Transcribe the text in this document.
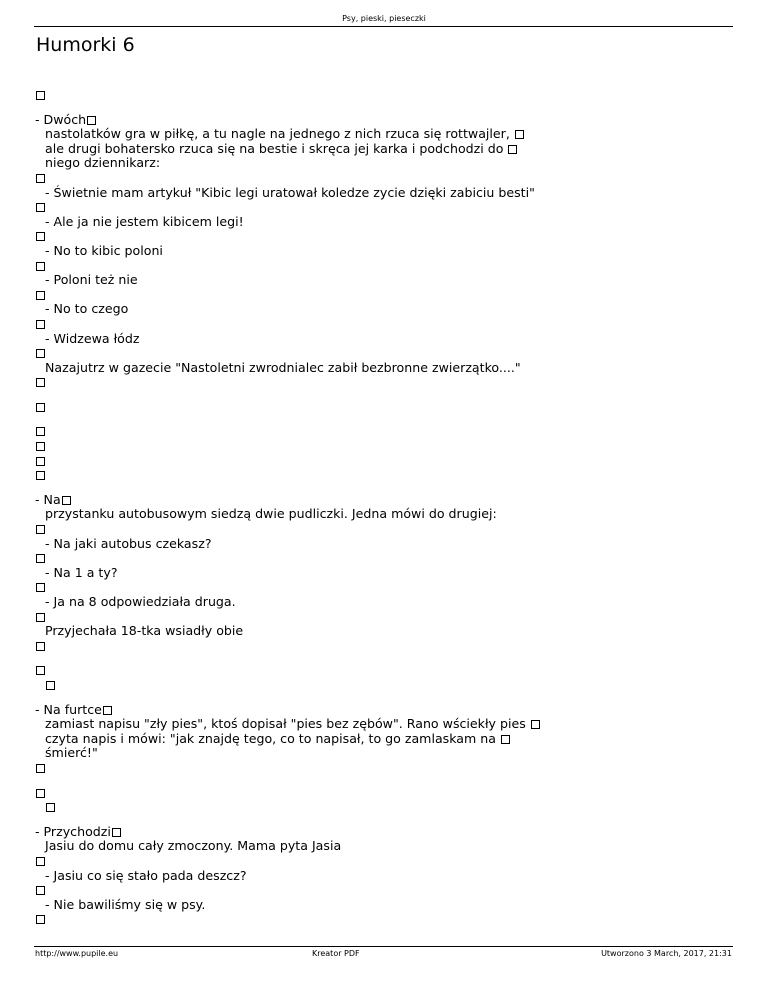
Psy, pieski, pieseczki
Humorki 6
- Dwóch
nastolatków gra w piłkę, a tu nagle na jednego z nich rzuca się rottwajler,
ale drugi bohatersko rzuca się na bestie i skręca jej karka i podchodzi do
niego dziennikarz:
- Świetnie mam artykuł "Kibic legi uratował koledze zycie dzięki zabiciu besti"
- Ale ja nie jestem kibicem legi!
- No to kibic poloni
- Poloni też nie
- No to czego
- Widzewa łódz
Nazajutrz w gazecie "Nastoletni zwrodnialec zabił bezbronne zwierzątko...."
- Na
przystanku autobusowym siedzą dwie pudliczki. Jedna mówi do drugiej:
- Na jaki autobus czekasz?
- Na 1 a ty?
- Ja na 8 odpowiedziała druga.
Przyjechała 18-tka wsiadły obie
- Na furtce
zamiast napisu "zły pies", ktoś dopisał "pies bez zębów". Rano wściekły pies
czyta napis i mówi: "jak znajdę tego, co to napisał, to go zamlaskam na
śmierć!"
- Przychodzi
Jasiu do domu cały zmoczony. Mama pyta Jasia
- Jasiu co się stało pada deszcz?
- Nie bawiliśmy się w psy.
http://www.pupile.eu	Kreator PDF	Utworzono 3 March, 2017, 21:31
